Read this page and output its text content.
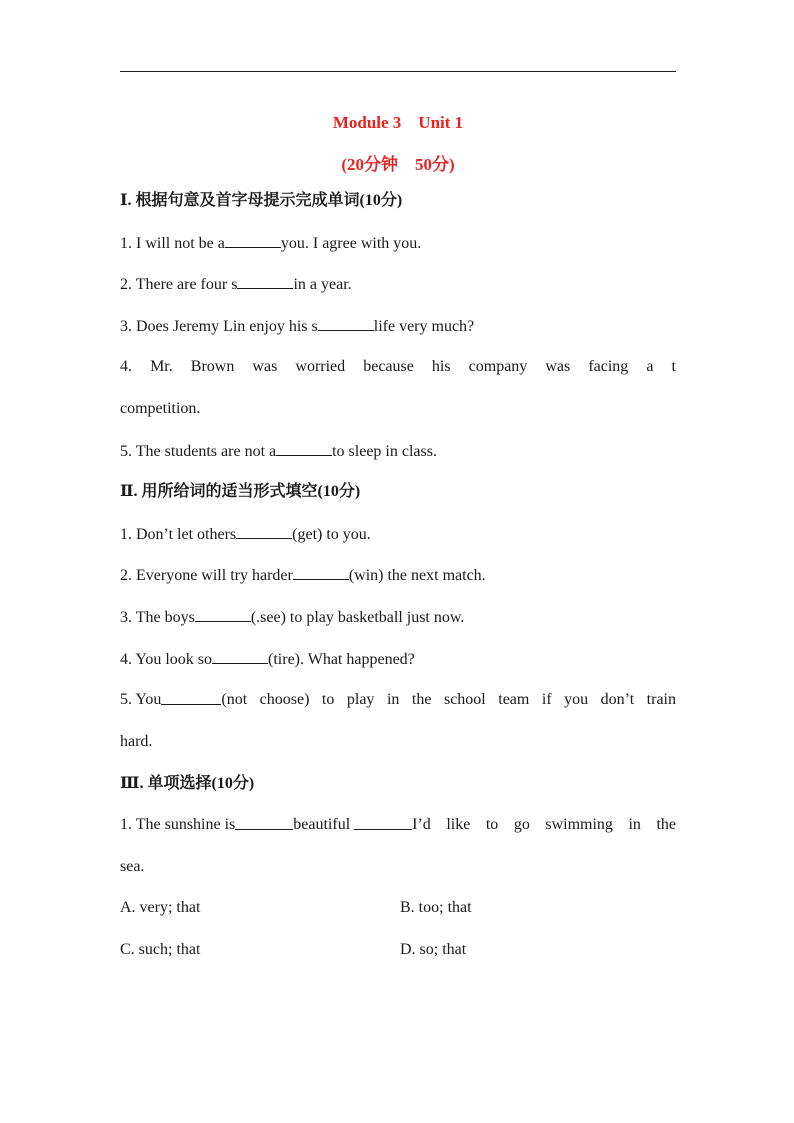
Module 3　Unit 1
(20分钟　50分)
Ⅰ. 根据句意及首字母提示完成单词(10分)
1. I will not be a	you. I agree with you.
2. There are four s	in a year.
3. Does Jeremy Lin enjoy his s	life very much?
4. Mr. Brown was worried because his company was facing a t
competition.
5. The students are not a	to sleep in class.
Ⅱ. 用所给词的适当形式填空(10分)
1. Don’t let others	(get) to you.
2. Everyone will try harder	(win) the next match.
3. The boys	(.see) to play basketball just now.
4. You look so	(tire). What happened?
5. You	(not choose) to play in the school team if you don’t train
hard.
Ⅲ. 单项选择(10分)
1. The sunshine is	beautiful
	I’d like to go swimming in the
sea.
A. very; that	B. too; that
C. such; that	D. so; that
